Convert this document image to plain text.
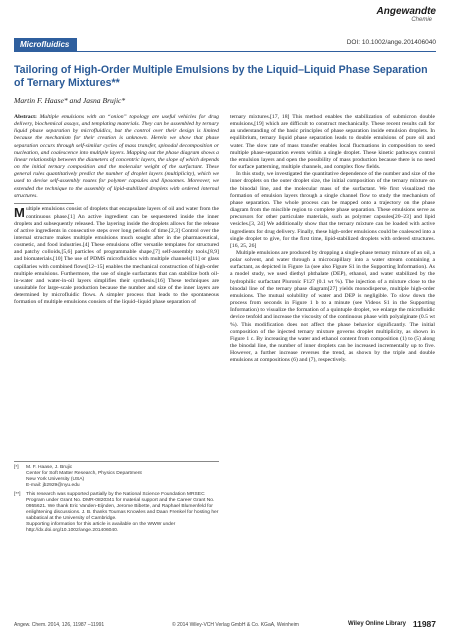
Angewandte
Chemie
Microfluidics	DOI: 10.1002/ange.201406040
Tailoring of High-Order Multiple Emulsions by the Liquid–Liquid Phase Separation of Ternary Mixtures**
Martin F. Haase* and Jasna Brujic*

Abstract: Multiple emulsions with an “onion” topology are useful vehicles for drug delivery, biochemical assays, and templating materials. They can be assembled by ternary liquid phase separation by microfluidics, but the control over their design is limited because the mechanism for their creation is unknown. Herein we show that phase separation occurs through self-similar cycles of mass transfer, spinodal decomposition or nucleation, and coalescence into multiple layers. Mapping out the phase diagram shows a linear relationship between the diameters of concentric layers, the slope of which depends on the initial ternary composition and the molecular weight of the surfactant. These general rules quantitatively predict the number of droplet layers (multiplicity), which we used to devise self-assembly routes for polymer capsules and liposomes. Moreover, we extended the technique to the assembly of lipid-stabilized droplets with ordered internal structures.

Multiple emulsions consist of droplets that encapsulate layers of oil and water from the continuous phase.[1] An active ingredient can be sequestered inside the inner droplets and subsequently released. The layering inside the droplets allows for the release of active ingredients in consecutive steps over long periods of time.[2,3] Control over the internal structure makes multiple emulsions much sought after in the pharmaceutical, cosmetic, and food industries.[4] These emulsions offer versatile templates for structured and patchy colloids,[5,6] particles of programmable shape,[7] self-assembly tools,[8,9] and biomaterials.[10] The use of PDMS microfluidics with multiple channels[11] or glass capillaries with combined flows[12–15] enables the mechanical construction of high-order multiple emulsions. Furthermore, the use of single surfactants that can stabilize both oil-in-water and water-in-oil layers simplifies their synthesis.[16] These techniques are unsuitable for large-scale production because the number and size of the inner layers are determined by microfluidic flows. A simpler process that leads to the spontaneous formation of multiple emulsions consists of the liquid–liquid phase separation of

ternary mixtures.[17, 18] This method enables the stabilization of submicron double emulsions,[19] which are difficult to construct mechanically. These recent results call for an understanding of the basic principles of phase separation inside emulsion droplets. In equilibrium, ternary liquid phase separation leads to double emulsions of pure oil and water. The slow rate of mass transfer enables local fluctuations in composition to seed multiple phase-separation events within a single droplet. These kinetic pathways control the emulsion layers and open the possibility of mass production because there is no need for surface patterning, multiple channels, and complex flow fields.

In this study, we investigated the quantitative dependence of the number and size of the inner droplets on the outer droplet size, the initial composition of the ternary mixture on the binodal line, and the molecular mass of the surfactant. We first visualized the formation of emulsion layers through a single channel flow to study the mechanism of phase separation. The whole process can be mapped onto a trajectory on the phase diagram from the miscible region to complete phase separation. These emulsions serve as precursors for other particulate materials, such as polymer capsules[20–23] and lipid vesicles.[3, 24] We additionally show that the ternary mixture can be loaded with active ingredients for drug delivery. Finally, these high-order emulsions could be coalesced into a single droplet to give, for the first time, lipid-stabilized droplets with ordered structures.[16, 25, 26]

Multiple emulsions are produced by dropping a single-phase ternary mixture of an oil, a polar solvent, and water through a microcapillary into a water stream containing a surfactant, as depicted in Figure 1a (see also Figure S1 in the Supporting Information). As a model study, we used diethyl phthalate (DEP), ethanol, and water stabilized by the hydrophilic surfactant Pluronic F127 (0.1 wt %). The injection of a mixture close to the binodal line of the ternary phase diagram[27] yields monodisperse, multiple high-order emulsions. The mutual solubility of water and DEP is negligible. To slow down the process from seconds in Figure 1 b to a minute (see Videos S1 in the Supporting Information) to visualize the formation of a quintuple droplet, we enlarge the microfluidic device tenfold and increase the viscosity of the continuous phase with polyalginate (0.5 wt %). This modification does not affect the phase behavior significantly. The initial composition of the injected ternary mixture governs droplet multiplicity, as shown in Figure 1 c. By increasing the water and ethanol content from composition (1) to (5) along the binodal line, the number of inner droplets can be increased incrementally up to five. However, a further increase reverses the trend, as shown by the triple and double emulsions at compositions (6) and (7), respectively.

[*]	M. F. Haase, J. Brujic
Center for Soft Matter Research, Physics Department
New York University (USA)
E-mail: jb2929@nyu.edu
[**]	This research was supported partially by the National Science Foundation MRSEC Program under Grant No. DMR-0820341 for material support and the Career Grant No. 0955621. We thank Eric Vanden-Eijnden, Jerome Bibette, and Raphael Blumenfeld for enlightening discussions. J. B. thanks Toumas Knowles and Daan Frenkel for hosting her sabbatical at the University of Cambridge.
Supporting information for this article is available on the WWW under http://dx.doi.org/10.1002/ange.201406040.
Angew. Chem. 2014, 126, 11987 –11991	© 2014 Wiley-VCH Verlag GmbH & Co. KGaA, Weinheim	Wiley Online Library 11987
